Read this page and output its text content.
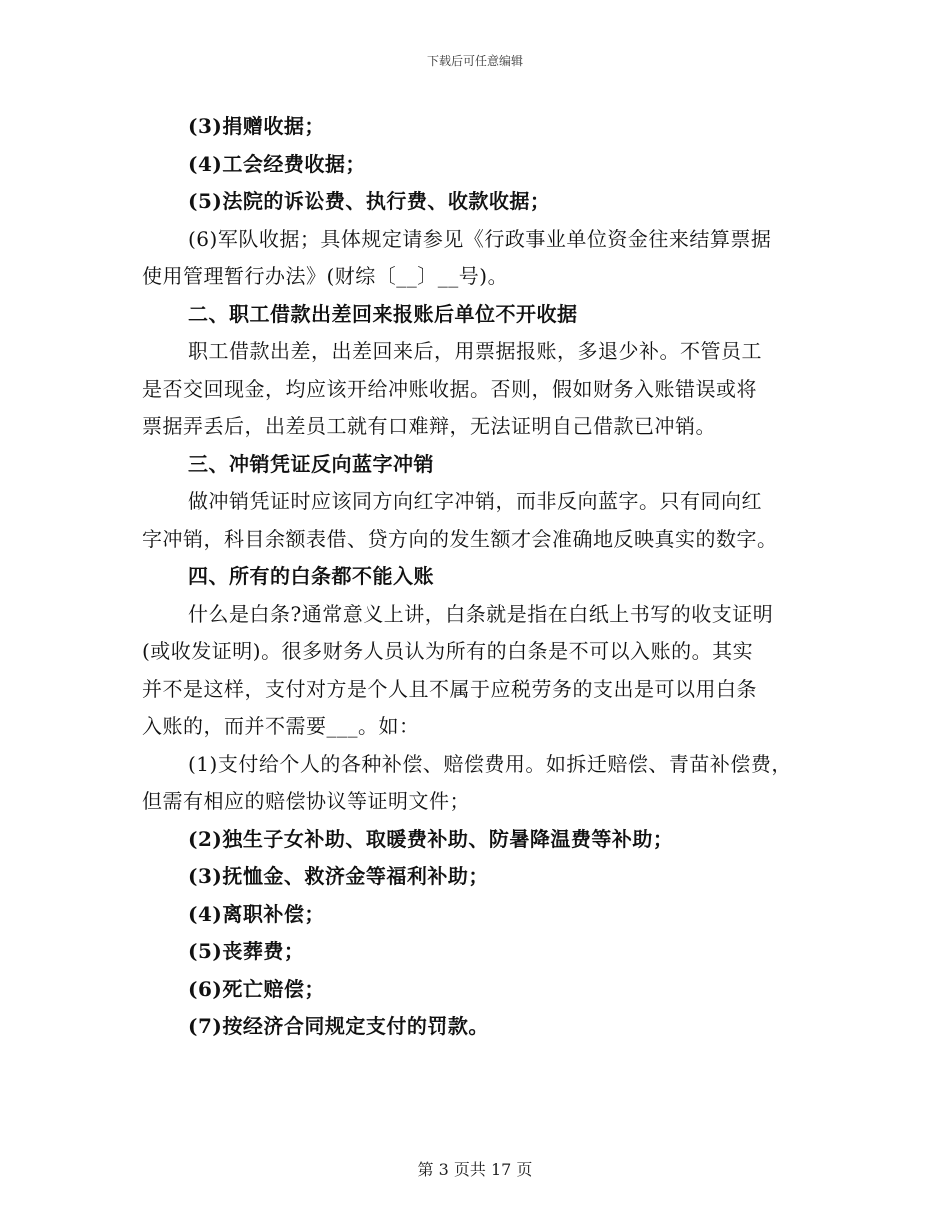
下载后可任意编辑
(3)捐赠收据；
(4)工会经费收据；
(5)法院的诉讼费、执行费、收款收据；
(6)军队收据；具体规定请参见《行政事业单位资金往来结算票据
使用管理暂行办法》(财综〔__〕__号)。
二、职工借款出差回来报账后单位不开收据
职工借款出差，出差回来后，用票据报账，多退少补。不管员工
是否交回现金，均应该开给冲账收据。否则，假如财务入账错误或将
票据弄丢后，出差员工就有口难辩，无法证明自己借款已冲销。
三、冲销凭证反向蓝字冲销
做冲销凭证时应该同方向红字冲销，而非反向蓝字。只有同向红
字冲销，科目余额表借、贷方向的发生额才会准确地反映真实的数字。
四、所有的白条都不能入账
什么是白条?通常意义上讲，白条就是指在白纸上书写的收支证明
(或收发证明)。很多财务人员认为所有的白条是不可以入账的。其实
并不是这样，支付对方是个人且不属于应税劳务的支出是可以用白条
入账的，而并不需要___。如：
(1)支付给个人的各种补偿、赔偿费用。如拆迁赔偿、青苗补偿费，
但需有相应的赔偿协议等证明文件；
(2)独生子女补助、取暖费补助、防暑降温费等补助；
(3)抚恤金、救济金等福利补助；
(4)离职补偿；
(5)丧葬费；
(6)死亡赔偿；
(7)按经济合同规定支付的罚款。
第 3 页共 17 页
